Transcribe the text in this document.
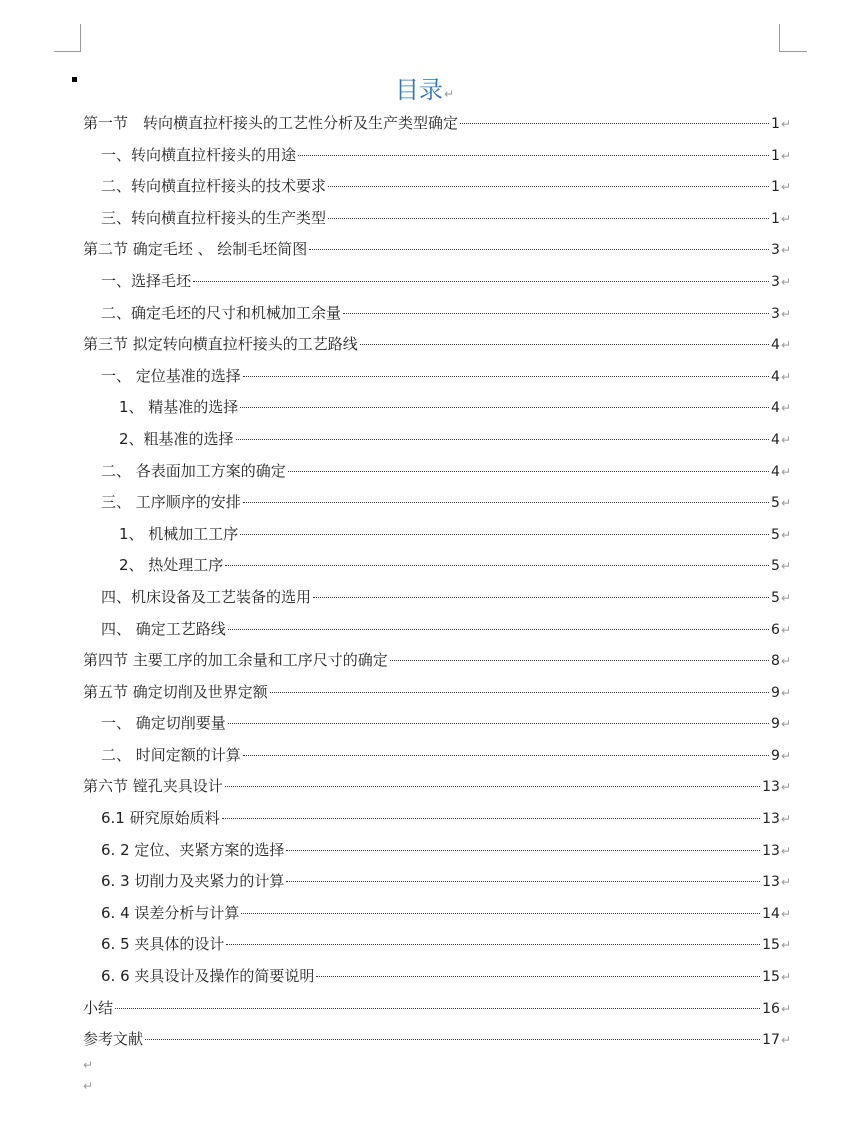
目录↵
第一节　转向横直拉杆接头的工艺性分析及生产类型确定	1 ↵
一、转向横直拉杆接头的用途	1 ↵
二、转向横直拉杆接头的技术要求	1 ↵
三、转向横直拉杆接头的生产类型	1 ↵
第二节 确定毛坯 、 绘制毛坯简图	3 ↵
一、选择毛坯	3 ↵
二、确定毛坯的尺寸和机械加工余量	3 ↵
第三节 拟定转向横直拉杆接头的工艺路线	4 ↵
一、 定位基准的选择	4 ↵
1、 精基准的选择	4 ↵
2、粗基准的选择	4 ↵
二、 各表面加工方案的确定	4 ↵
三、 工序顺序的安排	5 ↵
1、 机械加工工序	5 ↵
2、 热处理工序	5 ↵
四、机床设备及工艺装备的选用	5 ↵
四、 确定工艺路线	6 ↵
第四节 主要工序的加工余量和工序尺寸的确定	8 ↵
第五节 确定切削及世界定额	9 ↵
一、 确定切削要量	9 ↵
二、 时间定额的计算	9 ↵
第六节 镗孔夹具设计	13 ↵
6.1 研究原始质料	13 ↵
6. 2 定位、夹紧方案的选择	13 ↵
6. 3 切削力及夹紧力的计算	13 ↵
6. 4 误差分析与计算	14 ↵
6. 5 夹具体的设计	15 ↵
6. 6 夹具设计及操作的简要说明	15 ↵
小结	16 ↵
参考文献	17 ↵
↵
↵
